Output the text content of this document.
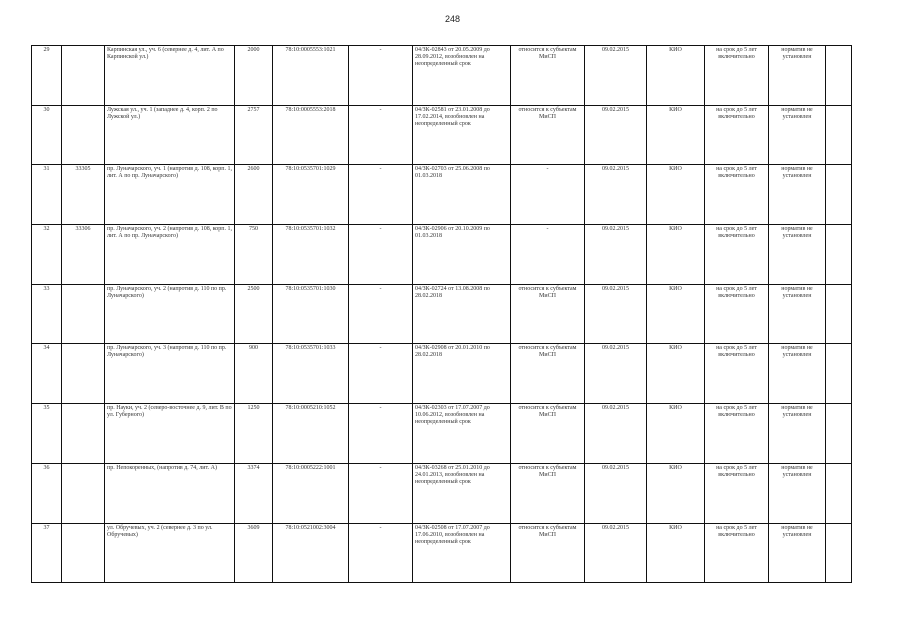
248
29		Карпинская ул., уч. 6 (севернее д. 4, лит. А по Карпинской ул.)	2000	78:10:0005553:1021	-	04/ЗК-02843 от 20.05.2009 до 28.09.2012, возобновлен на неопределенный срок	относится к субъектам МиСП	09.02.2015	КИО	на срок до 5 лет включительно	норматив не установлен	
30		Лужская ул., уч. 1 (западнее д. 4, корп. 2 по Лужской ул.)	2757	78:10:0005553:2018	-	04/ЗК-02581 от 23.01.2008 до 17.02.2014, возобновлен на неопределенный срок	относится к субъектам МиСП	09.02.2015	КИО	на срок до 5 лет включительно	норматив не установлен	
31	33305	пр. Луначарского, уч. 1 (напротив д. 108, корп. 1, лит. А по пр. Луначарского)	2600	78:10:0535701:1029	-	04/ЗК-02703 от 25.06.2008 по 01.03.2018	-	09.02.2015	КИО	на срок до 5 лет включительно	норматив не установлен	
32	33306	пр. Луначарского, уч. 2 (напротив д. 108, корп. 1, лит. А по пр. Луначарского)	750	78:10:0535701:1032	-	04/ЗК-02906 от 20.10.2009 по 01.03.2018	-	09.02.2015	КИО	на срок до 5 лет включительно	норматив не установлен	
33		пр. Луначарского, уч. 2 (напротив д. 110 по пр. Луначарского)	2500	78:10:0535701:1030	-	04/ЗК-02724 от 13.08.2008 по 28.02.2018	относится к субъектам МиСП	09.02.2015	КИО	на срок до 5 лет включительно	норматив не установлен	
34		пр. Луначарского, уч. 3 (напротив д. 110 по пр. Луначарского)	900	78:10:0535701:1033	-	04/ЗК-02908 от 20.01.2010 по 28.02.2018	относится к субъектам МиСП	09.02.2015	КИО	на срок до 5 лет включительно	норматив не установлен	
35		пр. Науки, уч. 2 (северо-восточнее д. 9, лит. В по ул. Губерного)	1250	78:10:0005210:1052	-	04/ЗК-02303 от 17.07.2007 до 10.06.2012, возобновлен на неопределенный срок	относится к субъектам МиСП	09.02.2015	КИО	на срок до 5 лет включительно	норматив не установлен	
36		пр. Непокоренных, (напротив д. 74, лит. А)	3374	78:10:0005222:1001	-	04/ЗК-03268 от 25.01.2010 до 24.01.2013, возобновлен на неопределенный срок	относится к субъектам МиСП	09.02.2015	КИО	на срок до 5 лет включительно	норматив не установлен	
37		ул. Обручевых, уч. 2 (севернее д. 3 по ул. Обручевых)	3609	78:10:0521002:3004	-	04/ЗК-02508 от 17.07.2007 до 17.06.2010, возобновлен на неопределенный срок	относится к субъектам МиСП	09.02.2015	КИО	на срок до 5 лет включительно	норматив не установлен	
